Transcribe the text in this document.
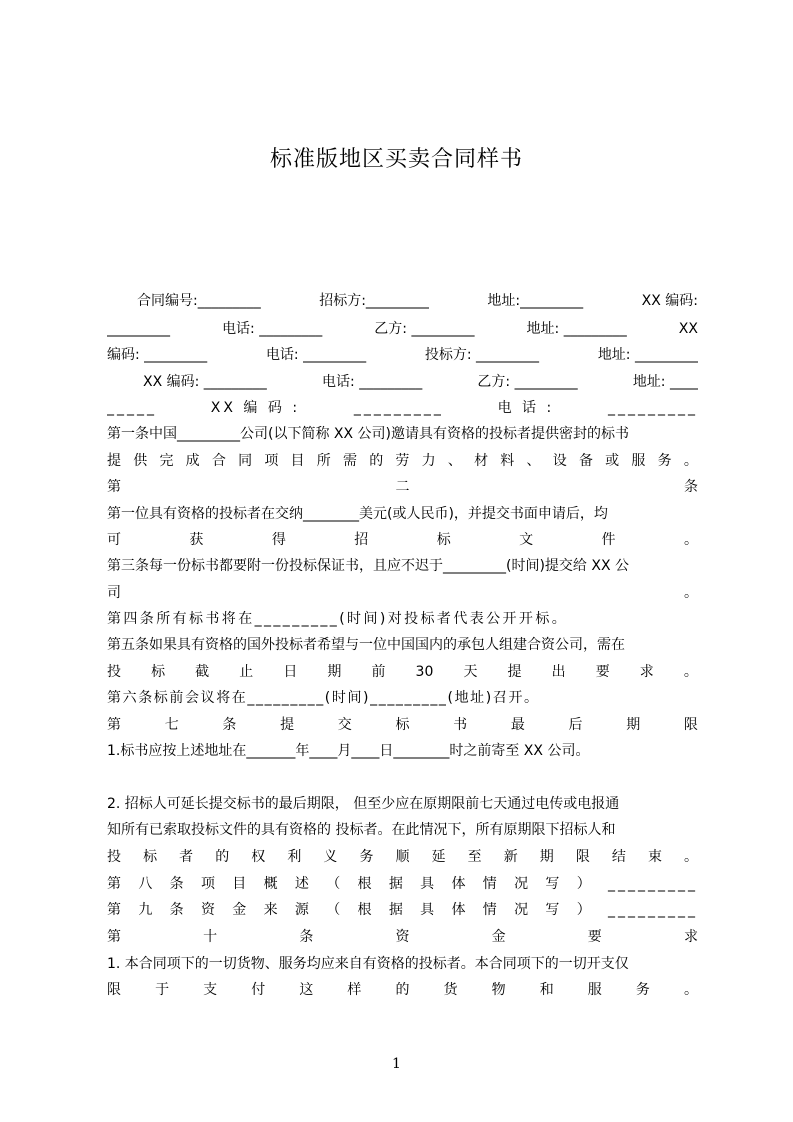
标准版地区买卖合同样书
合同编号:_________	招标方:_________	地址:_________	XX 编码:
_________	电话: _________	乙方: _________	地址: _________	XX
编码: _________	电话: _________	投标方: _________	地址: _________
XX 编码: _________	电话: _________	乙方: _________	地址: ____
_____	XX 编 码 :	_________	电 话 :	_________
第一条中国_________公司(以下简称 XX 公司)邀请具有资格的投标者提供密封的标书
提 供 完 成 合 同 项 目 所 需 的 劳 力 、 材 料 、 设 备 或 服 务 。
第	二	条
第一位具有资格的投标者在交纳________美元(或人民币)，并提交书面申请后，均
可	获	得	招	标	文	件	。
第三条每一份标书都要附一份投标保证书，且应不迟于_________(时间)提交给 XX 公
司	。
第四条所有标书将在_________(时间)对投标者代表公开开标。
第五条如果具有资格的国外投标者希望与一位中国国内的承包人组建合资公司，需在
投 标 截 止 日 期 前 30 天 提 出 要 求 。
第六条标前会议将在_________(时间)_________(地址)召开。
第	七	条	提	交	标	书	最	后	期	限
1.标书应按上述地址在_______年____月____日________时之前寄至 XX 公司。
2. 招标人可延长提交标书的最后期限， 但至少应在原期限前七天通过电传或电报通
知所有已索取投标文件的具有资格的 投标者。在此情况下，所有原期限下招标人和
投 标 者 的 权 利 义 务 顺 延 至 新 期 限 结 束 。
第 八 条 项 目 概 述 （ 根 据 具 体 情 况 写 ） _________
第 九 条 资 金 来 源 （ 根 据 具 体 情 况 写 ） _________
第	十	条	资	金	要	求
1. 本合同项下的一切货物、服务均应来自有资格的投标者。本合同项下的一切开支仅
限 于 支 付 这 样 的 货 物 和 服 务 。
1
